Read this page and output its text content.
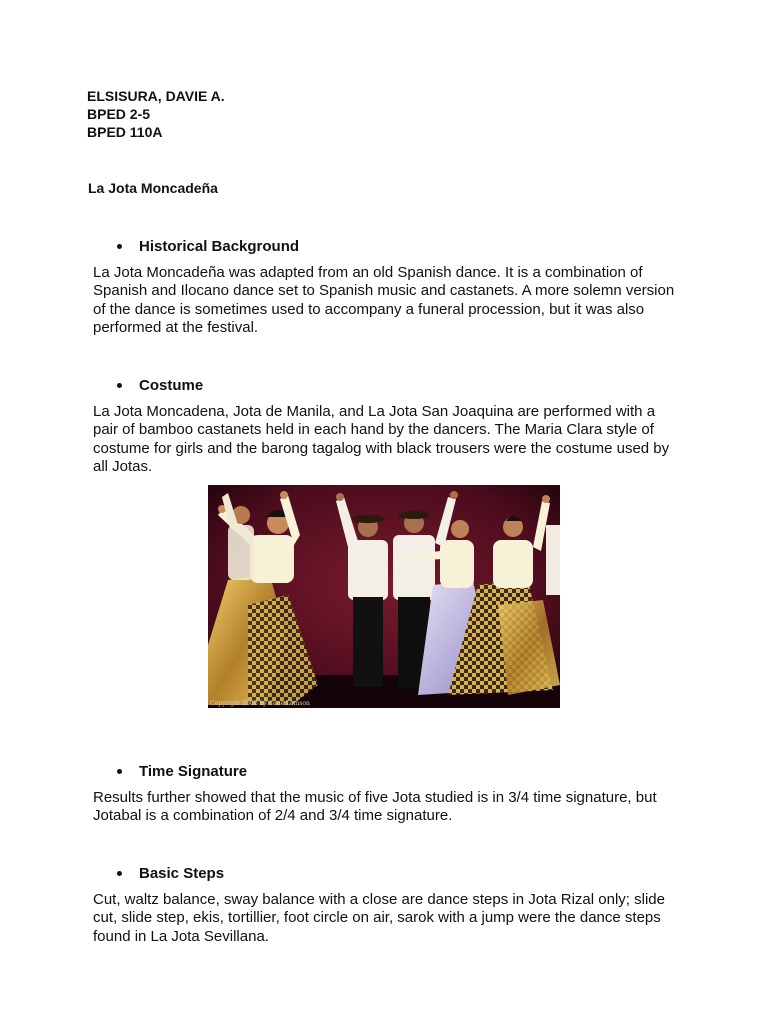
ELSISURA, DAVIE A.
BPED 2-5
BPED 110A
La Jota Moncadeña
Historical Background
La Jota Moncadeña was adapted from an old Spanish dance. It is a combination of Spanish and Ilocano dance set to Spanish music and castanets. A more solemn version of the dance is sometimes used to accompany a funeral procession, but it was also performed at the festival.
Costume
La Jota Moncadena, Jota de Manila, and La Jota San Joaquina are performed with a pair of bamboo castanets held in each hand by the dancers. The Maria Clara style of costume for girls and the barong tagalog with black trousers were the costume used by all Jotas.
Copyright 2002 by Cane Lamson
Time Signature
Results further showed that the music of five Jota studied is in 3/4 time signature, but Jotabal is a combination of 2/4 and 3/4 time signature.
Basic Steps
Cut, waltz balance, sway balance with a close are dance steps in Jota Rizal only; slide cut, slide step, ekis, tortillier, foot circle on air, sarok with a jump were the dance steps found in La Jota Sevillana.
